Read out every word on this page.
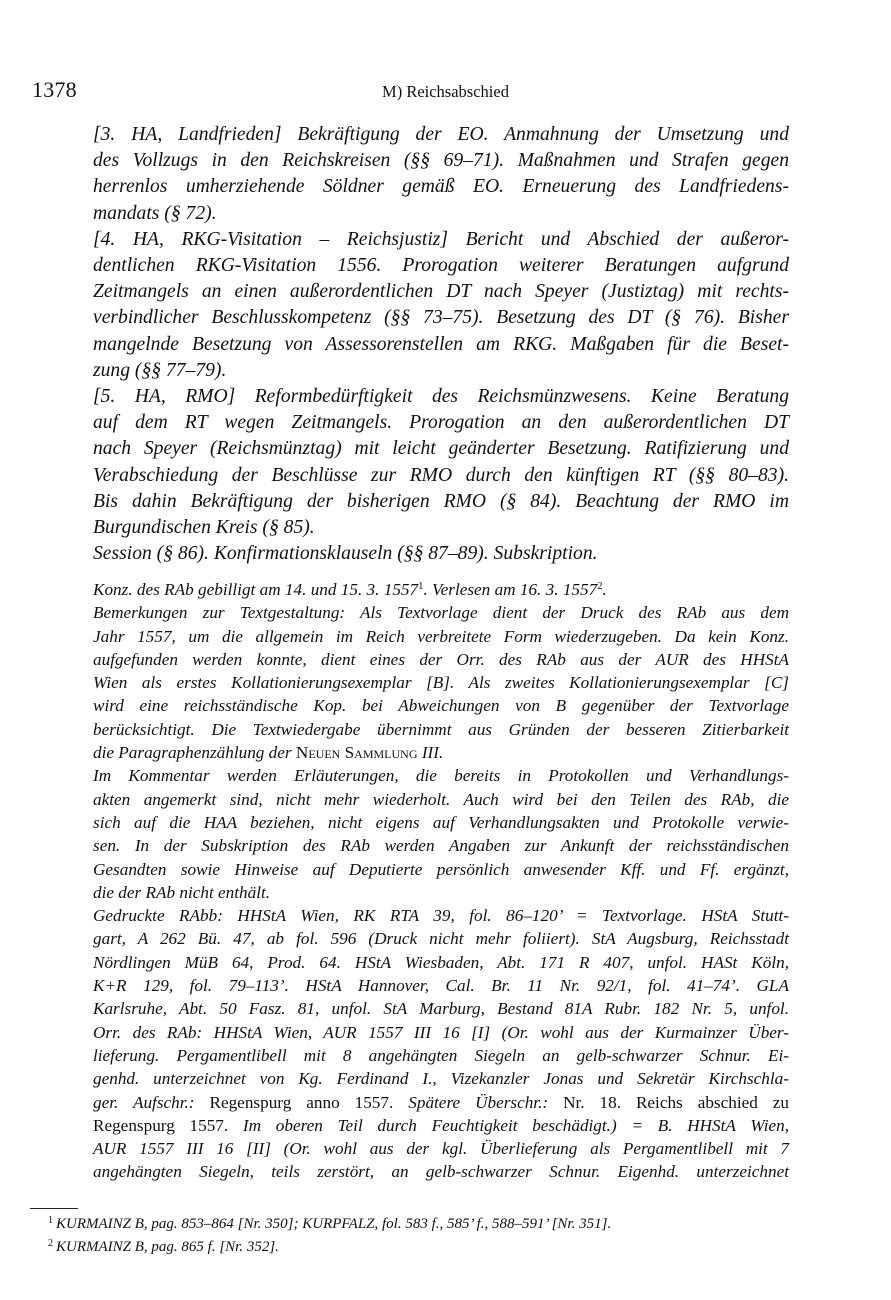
1378	M) Reichsabschied
[3. HA, Landfrieden] Bekräftigung der EO. Anmahnung der Umsetzung und
des Vollzugs in den Reichskreisen (§§ 69–71). Maßnahmen und Strafen gegen
herrenlos umherziehende Söldner gemäß EO. Erneuerung des Landfriedens-
mandats (§ 72).
[4. HA, RKG-Visitation – Reichsjustiz] Bericht und Abschied der außeror-
dentlichen RKG-Visitation 1556. Prorogation weiterer Beratungen aufgrund
Zeitmangels an einen außerordentlichen DT nach Speyer (Justiztag) mit rechts-
verbindlicher Beschlusskompetenz (§§ 73–75). Besetzung des DT (§ 76). Bisher
mangelnde Besetzung von Assessorenstellen am RKG. Maßgaben für die Beset-
zung (§§ 77–79).
[5. HA, RMO] Reformbedürftigkeit des Reichsmünzwesens. Keine Beratung
auf dem RT wegen Zeitmangels. Prorogation an den außerordentlichen DT
nach Speyer (Reichsmünztag) mit leicht geänderter Besetzung. Ratifizierung und
Verabschiedung der Beschlüsse zur RMO durch den künftigen RT (§§ 80–83).
Bis dahin Bekräftigung der bisherigen RMO (§ 84). Beachtung der RMO im
Burgundischen Kreis (§ 85).
Session (§ 86). Konfirmationsklauseln (§§ 87–89). Subskription.
Konz. des RAb gebilligt am 14. und 15. 3. 1557$^1$. Verlesen am 16. 3. 1557$^2$.
Bemerkungen zur Textgestaltung: Als Textvorlage dient der Druck des RAb aus dem
Jahr 1557, um die allgemein im Reich verbreitete Form wiederzugeben. Da kein Konz.
aufgefunden werden konnte, dient eines der Orr. des RAb aus der AUR des HHStA
Wien als erstes Kollationierungsexemplar [B]. Als zweites Kollationierungsexemplar [C]
wird eine reichsständische Kop. bei Abweichungen von B gegenüber der Textvorlage
berücksichtigt. Die Textwiedergabe übernimmt aus Gründen der besseren Zitierbarkeit
die Paragraphenzählung der Neuen Sammlung III.
Im Kommentar werden Erläuterungen, die bereits in Protokollen und Verhandlungs-
akten angemerkt sind, nicht mehr wiederholt. Auch wird bei den Teilen des RAb, die
sich auf die HAA beziehen, nicht eigens auf Verhandlungsakten und Protokolle verwie-
sen. In der Subskription des RAb werden Angaben zur Ankunft der reichsständischen
Gesandten sowie Hinweise auf Deputierte persönlich anwesender Kff. und Ff. ergänzt,
die der RAb nicht enthält.
Gedruckte RAbb: HHStA Wien, RK RTA 39, fol. 86–120’ = Textvorlage. HStA Stutt-
gart, A 262 Bü. 47, ab fol. 596 (Druck nicht mehr foliiert). StA Augsburg, Reichsstadt
Nördlingen MüB 64, Prod. 64. HStA Wiesbaden, Abt. 171 R 407, unfol. HASt Köln,
K+R 129, fol. 79–113’. HStA Hannover, Cal. Br. 11 Nr. 92/1, fol. 41–74’. GLA
Karlsruhe, Abt. 50 Fasz. 81, unfol. StA Marburg, Bestand 81A Rubr. 182 Nr. 5, unfol.
Orr. des RAb: HHStA Wien, AUR 1557 III 16 [I] (Or. wohl aus der Kurmainzer Über-
lieferung. Pergamentlibell mit 8 angehängten Siegeln an gelb-schwarzer Schnur. Ei-
genhd. unterzeichnet von Kg. Ferdinand I., Vizekanzler Jonas und Sekretär Kirchschla-
ger. Aufschr.: Regenspurg anno 1557. Spätere Überschr.: Nr. 18. Reichs abschied zu
Regenspurg 1557. Im oberen Teil durch Feuchtigkeit beschädigt.) = B. HHStA Wien,
AUR 1557 III 16 [II] (Or. wohl aus der kgl. Überlieferung als Pergamentlibell mit 7
angehängten Siegeln, teils zerstört, an gelb-schwarzer Schnur. Eigenhd. unterzeichnet
$^1$ KURMAINZ B, pag. 853–864 [Nr. 350]; KURPFALZ, fol. 583 f., 585’ f., 588–591’ [Nr. 351].
$^2$ KURMAINZ B, pag. 865 f. [Nr. 352].
